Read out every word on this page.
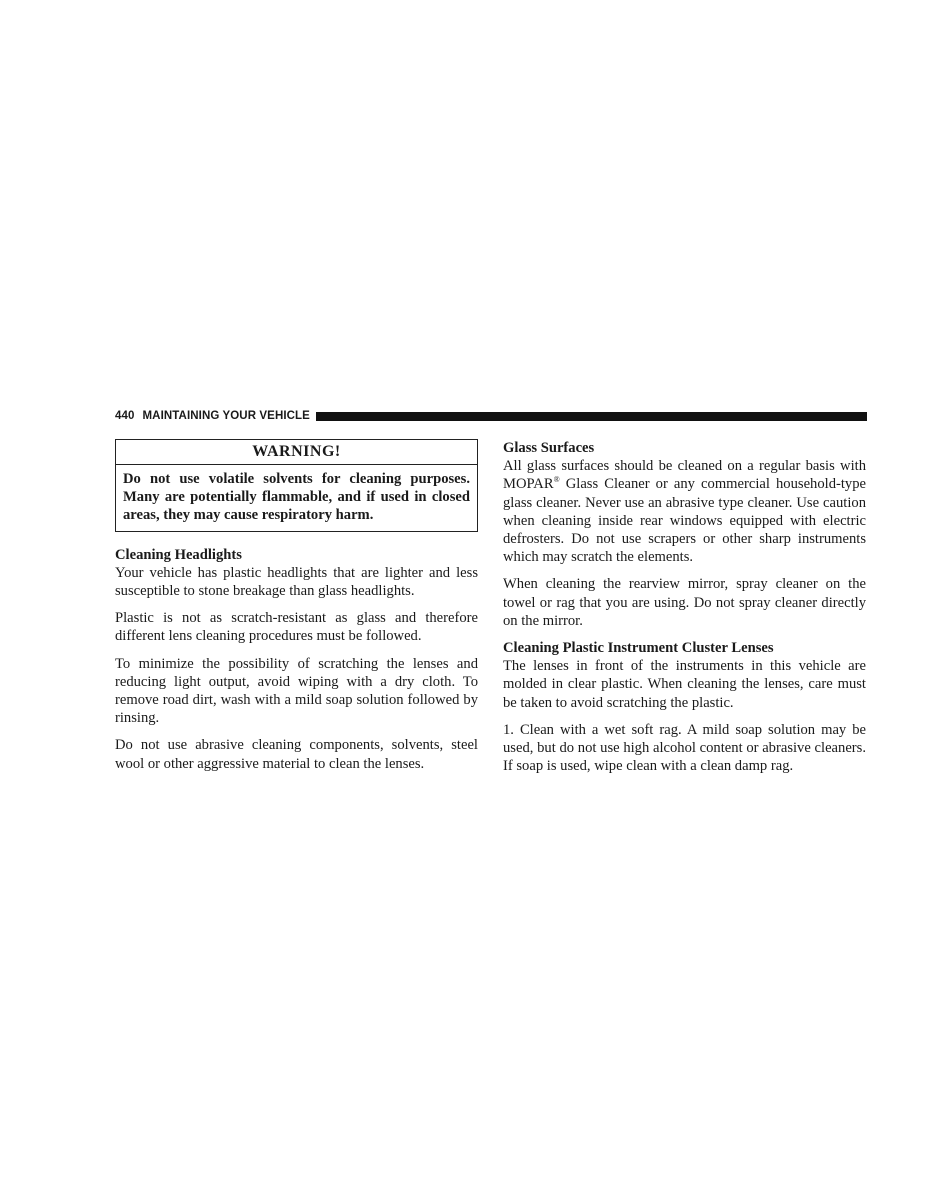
440 MAINTAINING YOUR VEHICLE
WARNING!
Do not use volatile solvents for cleaning purposes. Many are potentially flammable, and if used in closed areas, they may cause respiratory harm.
Cleaning Headlights

Your vehicle has plastic headlights that are lighter and less susceptible to stone breakage than glass headlights.

Plastic is not as scratch-resistant as glass and therefore different lens cleaning procedures must be followed.

To minimize the possibility of scratching the lenses and reducing light output, avoid wiping with a dry cloth. To remove road dirt, wash with a mild soap solution followed by rinsing.

Do not use abrasive cleaning components, solvents, steel wool or other aggressive material to clean the lenses.

Glass Surfaces

All glass surfaces should be cleaned on a regular basis with MOPAR® Glass Cleaner or any commercial household-type glass cleaner. Never use an abrasive type cleaner. Use caution when cleaning inside rear windows equipped with electric defrosters. Do not use scrapers or other sharp instruments which may scratch the elements.

When cleaning the rearview mirror, spray cleaner on the towel or rag that you are using. Do not spray cleaner directly on the mirror.

Cleaning Plastic Instrument Cluster Lenses

The lenses in front of the instruments in this vehicle are molded in clear plastic. When cleaning the lenses, care must be taken to avoid scratching the plastic.

1. Clean with a wet soft rag. A mild soap solution may be used, but do not use high alcohol content or abrasive cleaners. If soap is used, wipe clean with a clean damp rag.
